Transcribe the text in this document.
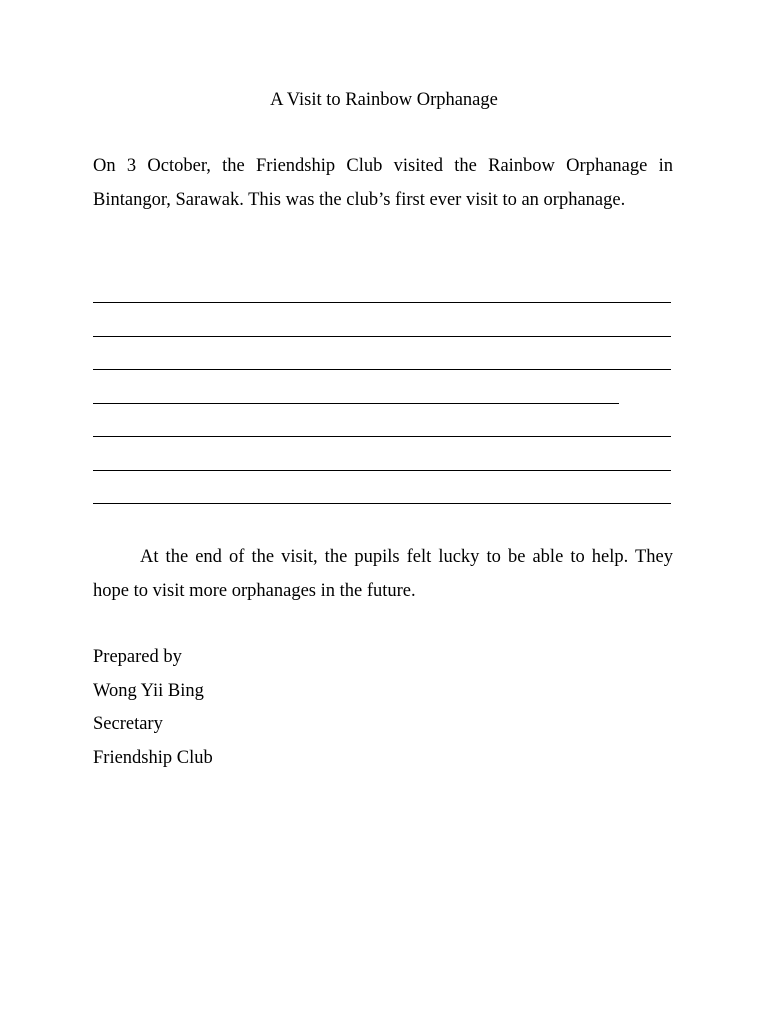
A Visit to Rainbow Orphanage

On 3 October, the Friendship Club visited the Rainbow Orphanage in Bintangor, Sarawak. This was the club’s first ever visit to an orphanage.

At the end of the visit, the pupils felt lucky to be able to help. They hope to visit more orphanages in the future.

Prepared by
Wong Yii Bing
Secretary
Friendship Club
